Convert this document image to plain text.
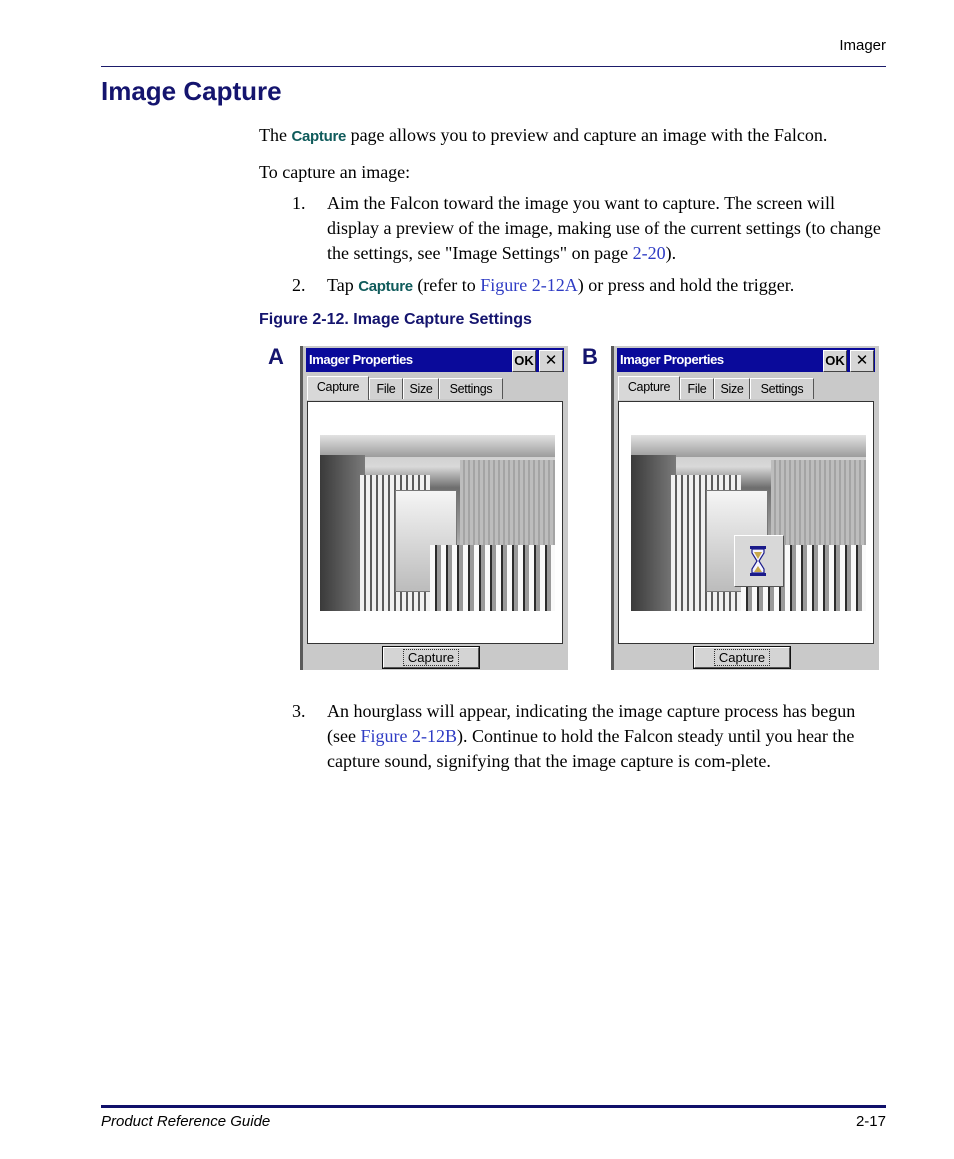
Imager
Image Capture
The Capture page allows you to preview and capture an image with the Falcon.
To capture an image:
1. Aim the Falcon toward the image you want to capture. The screen will display a preview of the image, making use of the current settings (to change the settings, see "Image Settings" on page 2-20).
2. Tap Capture (refer to Figure 2-12A) or press and hold the trigger.
Figure 2-12. Image Capture Settings
A	B
Imager Properties	OK ✕
Capture	File	Size	Settings
Capture
Imager Properties	OK ✕
Capture	File	Size	Settings
Capture
3. An hourglass will appear, indicating the image capture process has begun (see Figure 2-12B). Continue to hold the Falcon steady until you hear the capture sound, signifying that the image capture is com-plete.
Product Reference Guide	2-17
